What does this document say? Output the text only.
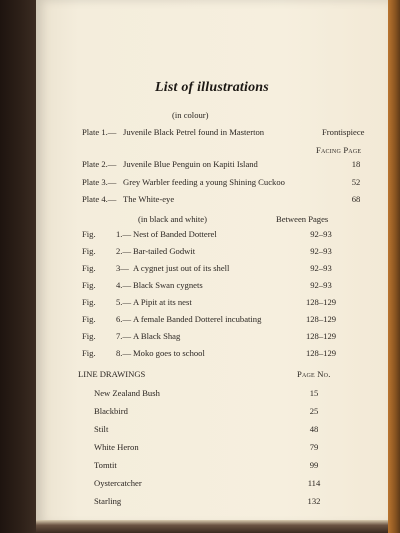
List of illustrations
(in colour)
Plate 1.— Juvenile Black Petrel found in Masterton	Frontispiece
Facing Page
Plate 2.— Juvenile Blue Penguin on Kapiti Island	18
Plate 3.— Grey Warbler feeding a young Shining Cuckoo	52
Plate 4.— The White-eye	68
(in black and white)	Between Pages
Fig. 1.— Nest of Banded Dotterel	92–93
Fig. 2.— Bar-tailed Godwit	92–93
Fig. 3— A cygnet just out of its shell	92–93
Fig. 4.— Black Swan cygnets	92–93
Fig. 5.— A Pipit at its nest	128–129
Fig. 6.— A female Banded Dotterel incubating	128–129
Fig. 7.— A Black Shag	128–129
Fig. 8.— Moko goes to school	128–129
LINE DRAWINGS	Page No.
New Zealand Bush	15
Blackbird	25
Stilt	48
White Heron	79
Tomtit	99
Oystercatcher	114
Starling	132
